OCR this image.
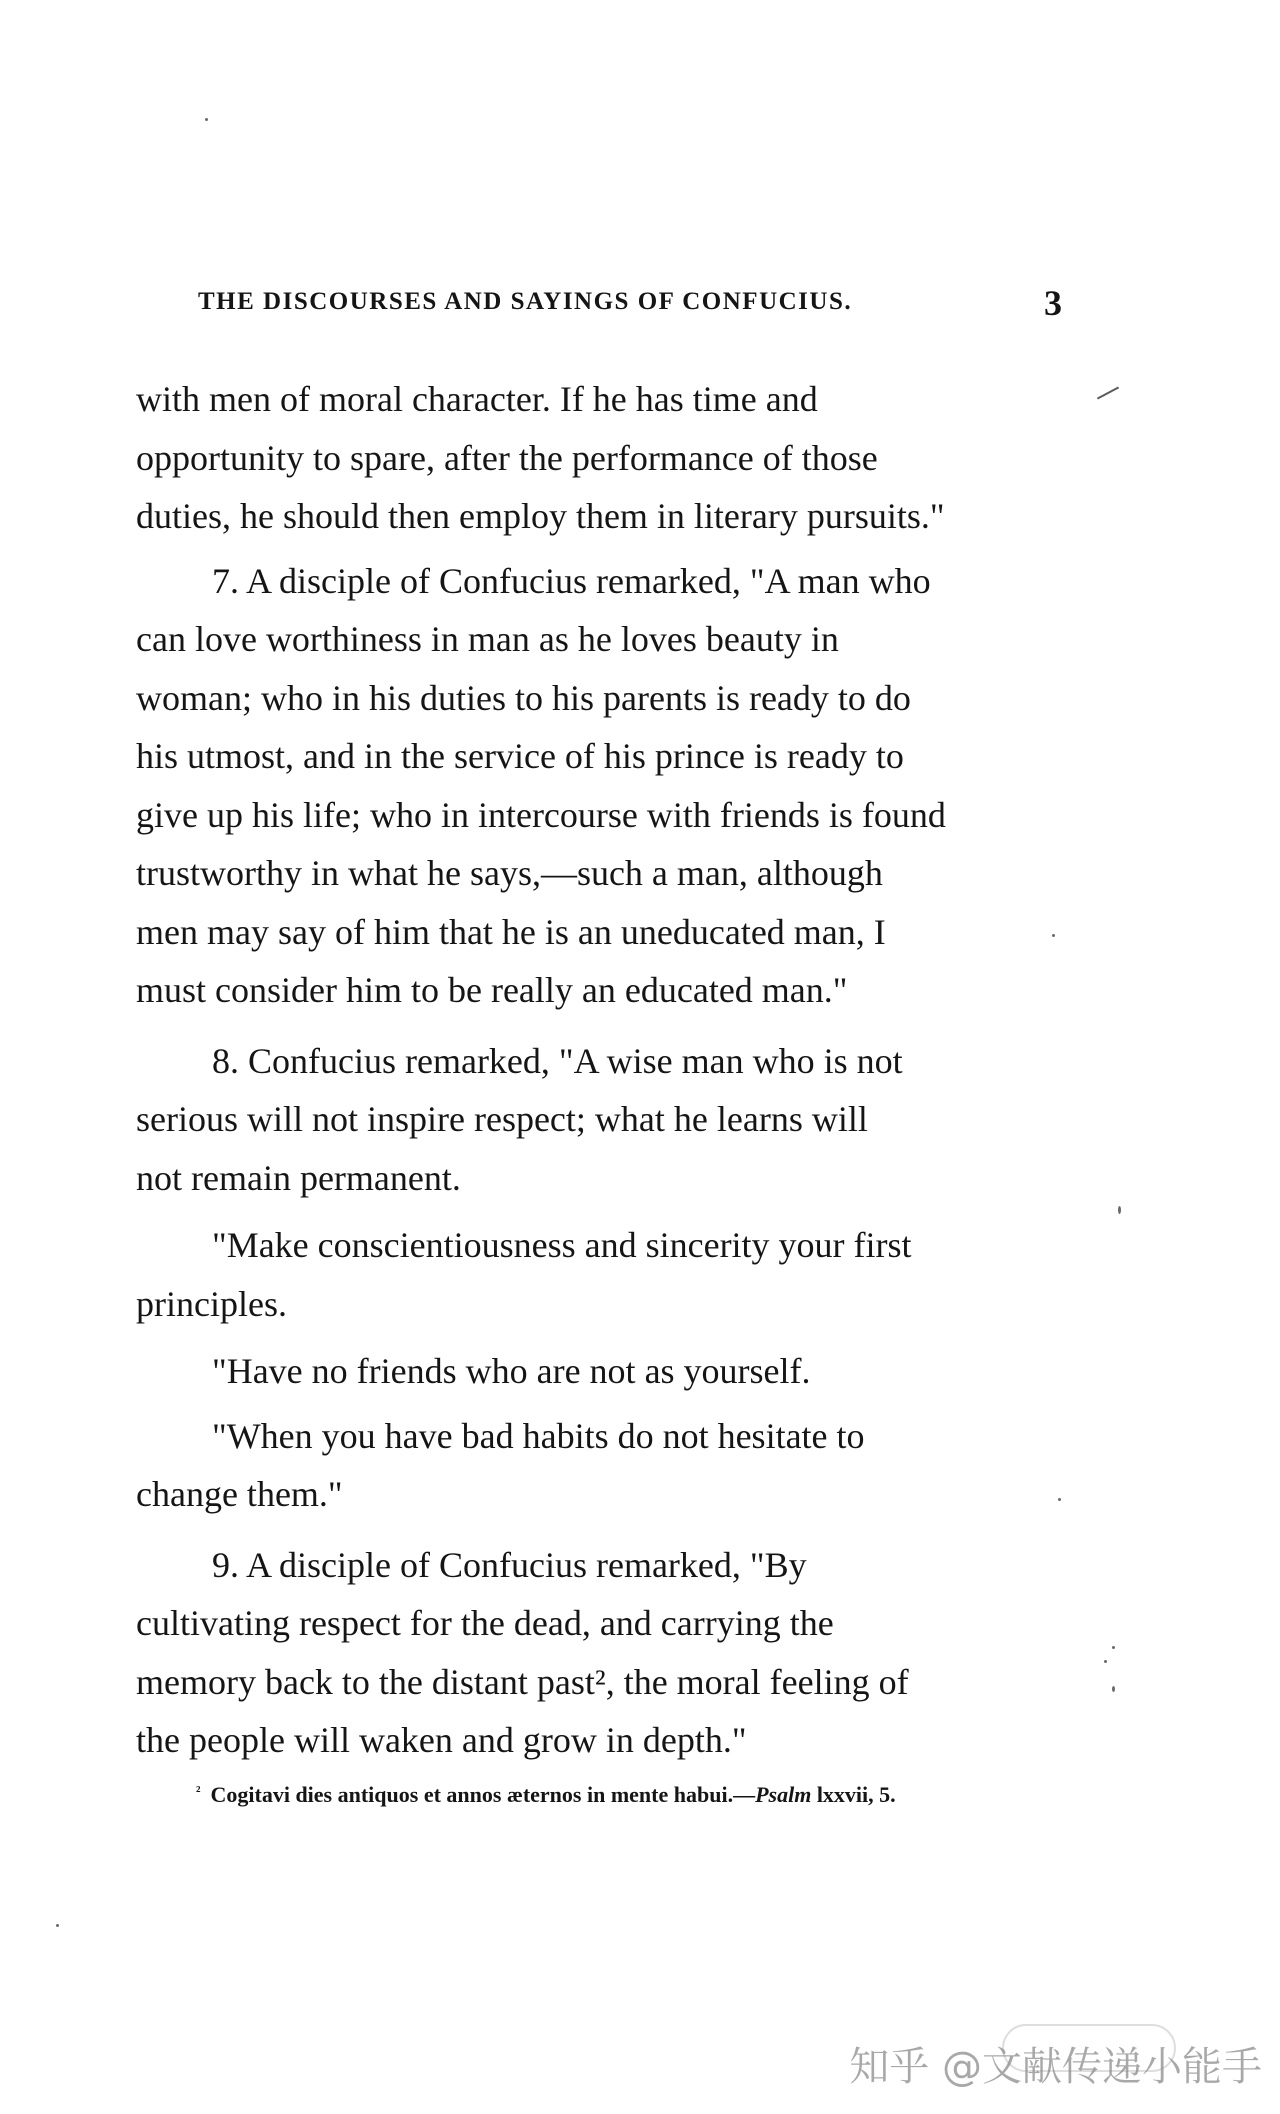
THE DISCOURSES AND SAYINGS OF CONFUCIUS.	3

with men of moral character. If he has time and
opportunity to spare, after the performance of those
duties, he should then employ them in literary pursuits."

7. A disciple of Confucius remarked, "A man who
can love worthiness in man as he loves beauty in
woman; who in his duties to his parents is ready to do
his utmost, and in the service of his prince is ready to
give up his life; who in intercourse with friends is found
trustworthy in what he says,—such a man, although
men may say of him that he is an uneducated man, I
must consider him to be really an educated man."

8. Confucius remarked, "A wise man who is not
serious will not inspire respect; what he learns will
not remain permanent.

"Make conscientiousness and sincerity your first
principles.

"Have no friends who are not as yourself.

"When you have bad habits do not hesitate to
change them."

9. A disciple of Confucius remarked, "By
cultivating respect for the dead, and carrying the
memory back to the distant past², the moral feeling of
the people will waken and grow in depth."

$^{^2}$ Cogitavi dies antiquos et annos æternos in mente habui.—Psalm lxxvii, 5.
知乎 @文献传递小能手
